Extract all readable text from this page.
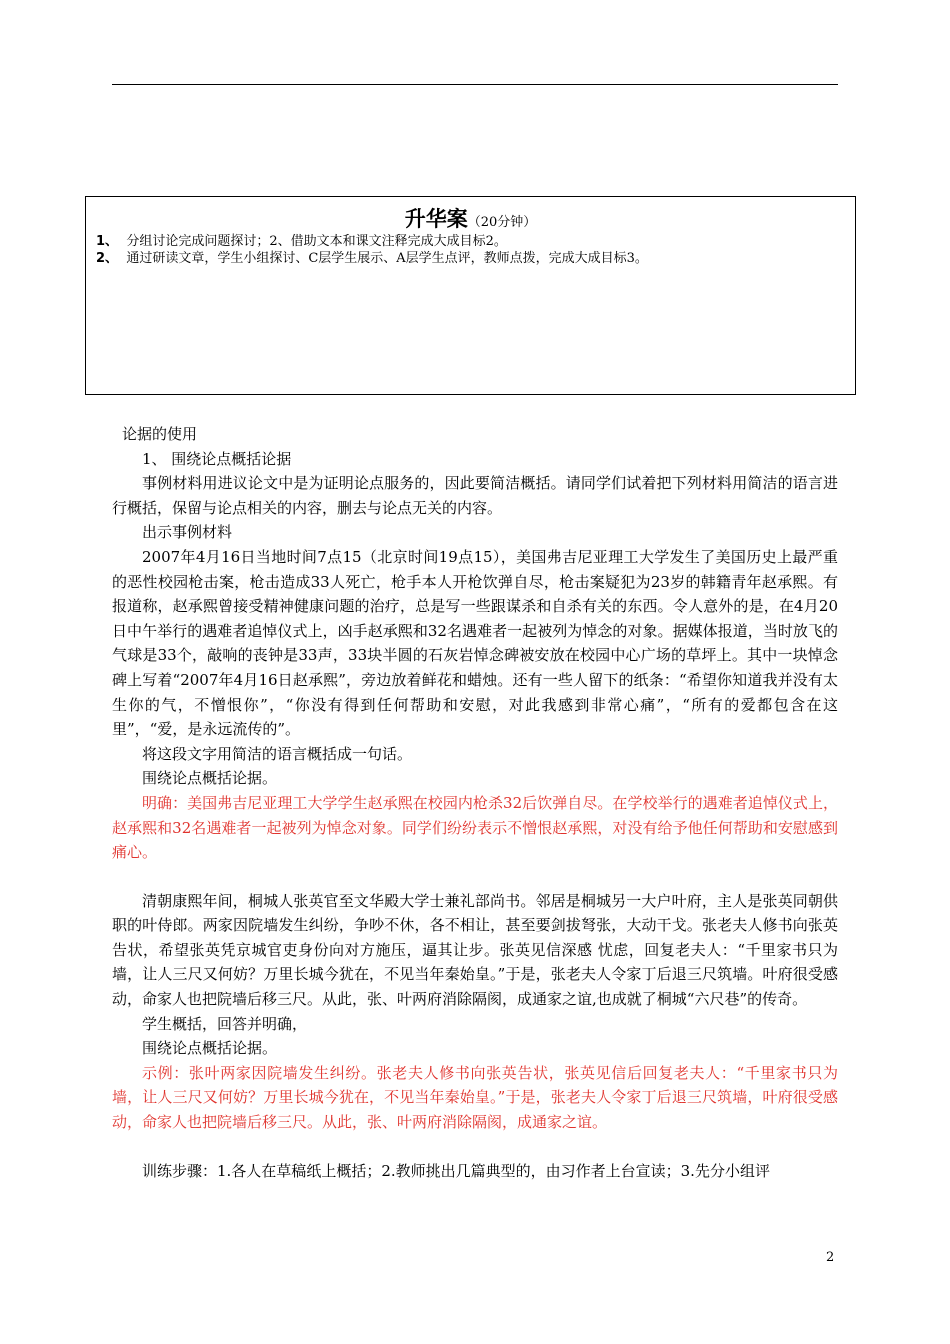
升华案（20分钟）
1、 分组讨论完成问题探讨；2、借助文本和课文注释完成大成目标2。
2、 通过研读文章，学生小组探讨、C层学生展示、A层学生点评，教师点拨，完成大成目标3。

论据的使用

1、 围绕论点概括论据

事例材料用进议论文中是为证明论点服务的，因此要简洁概括。请同学们试着把下列材料用简洁的语言进行概括，保留与论点相关的内容，删去与论点无关的内容。

出示事例材料

2007年4月16日当地时间7点15（北京时间19点15），美国弗吉尼亚理工大学发生了美国历史上最严重的恶性校园枪击案，枪击造成33人死亡，枪手本人开枪饮弹自尽，枪击案疑犯为23岁的韩籍青年赵承熙。有报道称，赵承熙曾接受精神健康问题的治疗，总是写一些跟谋杀和自杀有关的东西。令人意外的是，在4月20日中午举行的遇难者追悼仪式上，凶手赵承熙和32名遇难者一起被列为悼念的对象。据媒体报道，当时放飞的气球是33个，敲响的丧钟是33声，33块半圆的石灰岩悼念碑被安放在校园中心广场的草坪上。其中一块悼念碑上写着“2007年4月16日赵承熙”，旁边放着鲜花和蜡烛。还有一些人留下的纸条：“希望你知道我并没有太生你的气，不憎恨你”，“你没有得到任何帮助和安慰，对此我感到非常心痛”，“所有的爱都包含在这里”，“爱，是永远流传的”。

将这段文字用简洁的语言概括成一句话。

围绕论点概括论据。

明确：美国弗吉尼亚理工大学学生赵承熙在校园内枪杀32后饮弹自尽。在学校举行的遇难者追悼仪式上，赵承熙和32名遇难者一起被列为悼念对象。同学们纷纷表示不憎恨赵承熙，对没有给予他任何帮助和安慰感到痛心。

清朝康熙年间，桐城人张英官至文华殿大学士兼礼部尚书。邻居是桐城另一大户叶府，主人是张英同朝供职的叶侍郎。两家因院墙发生纠纷，争吵不休，各不相让，甚至要剑拔弩张，大动干戈。张老夫人修书向张英告状，希望张英凭京城官吏身份向对方施压，逼其让步。张英见信深感 忧虑，回复老夫人：“千里家书只为墙，让人三尺又何妨？万里长城今犹在，不见当年秦始皇。”于是，张老夫人令家丁后退三尺筑墙。叶府很受感动，命家人也把院墙后移三尺。从此，张、叶两府消除隔阂，成通家之谊,也成就了桐城“六尺巷”的传奇。

学生概括，回答并明确，

围绕论点概括论据。

示例：张叶两家因院墙发生纠纷。张老夫人修书向张英告状，张英见信后回复老夫人：“千里家书只为墙，让人三尺又何妨？万里长城今犹在，不见当年秦始皇。”于是，张老夫人令家丁后退三尺筑墙，叶府很受感动，命家人也把院墙后移三尺。从此，张、叶两府消除隔阂，成通家之谊。

训练步骤：1.各人在草稿纸上概括；2.教师挑出几篇典型的，由习作者上台宣读；3.先分小组评

2
